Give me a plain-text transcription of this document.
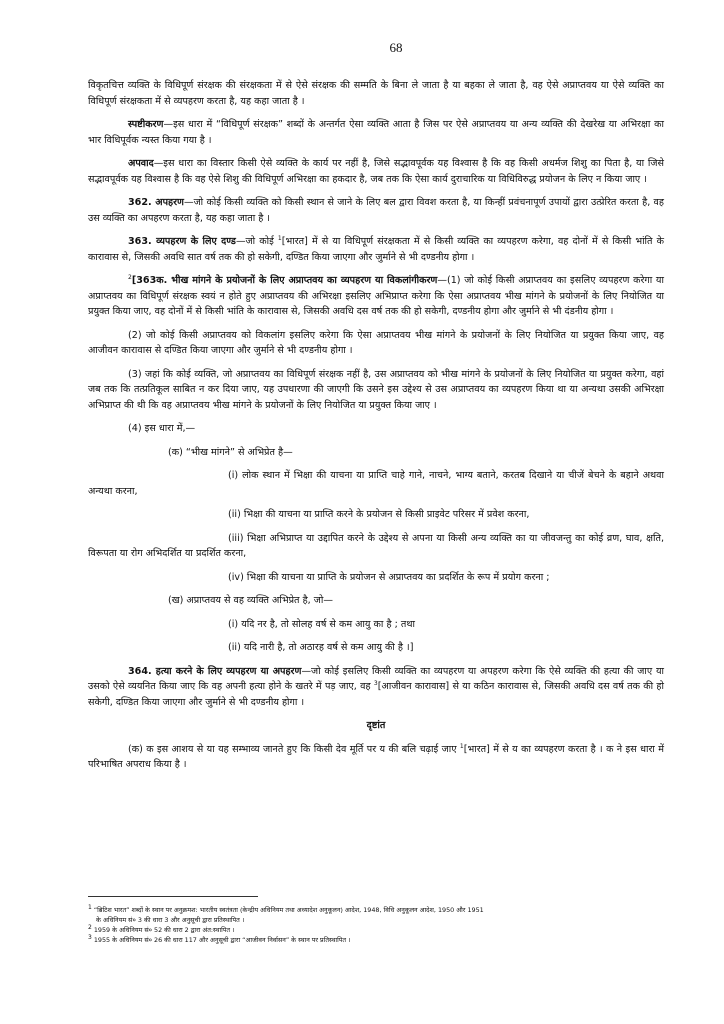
68

विकृतचित्त व्यक्ति के विधिपूर्ण संरक्षक की संरक्षकता में से ऐसे संरक्षक की सम्मति के बिना ले जाता है या बहका ले जाता है, वह ऐसे अप्राप्तवय या ऐसे व्यक्ति का विधिपूर्ण संरक्षकता में से व्यपहरण करता है, यह कहा जाता है ।

स्पष्टीकरण—इस धारा में “विधिपूर्ण संरक्षक” शब्दों के अन्तर्गत ऐसा व्यक्ति आता है जिस पर ऐसे अप्राप्तवय या अन्य व्यक्ति की देखरेख या अभिरक्षा का भार विधिपूर्वक न्यस्त किया गया है ।

अपवाद—इस धारा का विस्तार किसी ऐसे व्यक्ति के कार्य पर नहीं है, जिसे सद्भावपूर्वक यह विश्वास है कि वह किसी अधर्मज शिशु का पिता है, या जिसे सद्भावपूर्वक यह विश्वास है कि वह ऐसे शिशु की विधिपूर्ण अभिरक्षा का हकदार है, जब तक कि ऐसा कार्य दुराचारिक या विधिविरुद्ध प्रयोजन के लिए न किया जाए ।

362. अपहरण—जो कोई किसी व्यक्ति को किसी स्थान से जाने के लिए बल द्वारा विवश करता है, या किन्हीं प्रवंचनापूर्ण उपायों द्वारा उत्प्रेरित करता है, वह उस व्यक्ति का अपहरण करता है, यह कहा जाता है ।

363. व्यपहरण के लिए दण्ड—जो कोई $^1$[भारत] में से या विधिपूर्ण संरक्षकता में से किसी व्यक्ति का व्यपहरण करेगा, वह दोनों में से किसी भांति के कारावास से, जिसकी अवधि सात वर्ष तक की हो सकेगी, दण्डित किया जाएगा और जुर्माने से भी दण्डनीय होगा ।

$^2$[363क. भीख मांगने के प्रयोजनों के लिए अप्राप्तवय का व्यपहरण या विकलांगीकरण—(1) जो कोई किसी अप्राप्तवय का इसलिए व्यपहरण करेगा या अप्राप्तवय का विधिपूर्ण संरक्षक स्वयं न होते हुए अप्राप्तवय की अभिरक्षा इसलिए अभिप्राप्त करेगा कि ऐसा अप्राप्तवय भीख मांगने के प्रयोजनों के लिए नियोजित या प्रयुक्त किया जाए, वह दोनों में से किसी भांति के कारावास से, जिसकी अवधि दस वर्ष तक की हो सकेगी, दण्डनीय होगा और जुर्माने से भी दंडनीय होगा ।

(2) जो कोई किसी अप्राप्तवय को विकलांग इसलिए करेगा कि ऐसा अप्राप्तवय भीख मांगने के प्रयोजनों के लिए नियोजित या प्रयुक्त किया जाए, वह आजीवन कारावास से दण्डित किया जाएगा और जुर्माने से भी दण्डनीय होगा ।

(3) जहां कि कोई व्यक्ति, जो अप्राप्तवय का विधिपूर्ण संरक्षक नहीं है, उस अप्राप्तवय को भीख मांगने के प्रयोजनों के लिए नियोजित या प्रयुक्त करेगा, वहां जब तक कि तत्प्रतिकूल साबित न कर दिया जाए, यह उपधारणा की जाएगी कि उसने इस उद्देश्य से उस अप्राप्तवय का व्यपहरण किया था या अन्यथा उसकी अभिरक्षा अभिप्राप्त की थी कि वह अप्राप्तवय भीख मांगने के प्रयोजनों के लिए नियोजित या प्रयुक्त किया जाए ।

(4) इस धारा में,—

(क) “भीख मांगने” से अभिप्रेत है—

(i) लोक स्थान में भिक्षा की याचना या प्राप्ति चाहे गाने, नाचने, भाग्य बताने, करतब दिखाने या चीजें बेचने के बहाने अथवा अन्यथा करना,

(ii) भिक्षा की याचना या प्राप्ति करने के प्रयोजन से किसी प्राइवेट परिसर में प्रवेश करना,

(iii) भिक्षा अभिप्राप्त या उद्दापित करने के उद्देश्य से अपना या किसी अन्य व्यक्ति का या जीवजन्तु का कोई व्रण, घाव, क्षति, विरूपता या रोग अभिदर्शित या प्रदर्शित करना,

(iv) भिक्षा की याचना या प्राप्ति के प्रयोजन से अप्राप्तवय का प्रदर्शित के रूप में प्रयोग करना ;

(ख) अप्राप्तवय से वह व्यक्ति अभिप्रेत है, जो—

(i) यदि नर है, तो सोलह वर्ष से कम आयु का है ; तथा

(ii) यदि नारी है, तो अठारह वर्ष से कम आयु की है ।]

364. हत्या करने के लिए व्यपहरण या अपहरण—जो कोई इसलिए किसी व्यक्ति का व्यपहरण या अपहरण करेगा कि ऐसे व्यक्ति की हत्या की जाए या उसको ऐसे व्ययनित किया जाए कि वह अपनी हत्या होने के खतरे में पड़ जाए, वह $^3$[आजीवन कारावास] से या कठिन कारावास से, जिसकी अवधि दस वर्ष तक की हो सकेगी, दण्डित किया जाएगा और जुर्माने से भी दण्डनीय होगा ।

दृष्टांत

(क) क इस आशय से या यह सम्भाव्य जानते हुए कि किसी देव मूर्ति पर य की बलि चढ़ाई जाए $^1$[भारत] में से य का व्यपहरण करता है । क ने इस धारा में परिभाषित अपराध किया है ।

$^1$ “ब्रिटिश भारत” शब्दों के स्थान पर अनुक्रमश: भारतीय स्वतंत्रता (केन्द्रीय अधिनियम तथा अध्यादेश अनुकूलन) आदेश, 1948, विधि अनुकूलन आदेश, 1950 और 1951
के अधिनियम सं० 3 की धारा 3 और अनुसूची द्वारा प्रतिस्थापित ।

$^2$ 1959 के अधिनियम सं० 52 की धारा 2 द्वारा अंत:स्थापित ।

$^3$ 1955 के अधिनियम सं० 26 की धारा 117 और अनुसूची द्वारा “आजीवन निर्वासन” के स्थान पर प्रतिस्थापित ।
